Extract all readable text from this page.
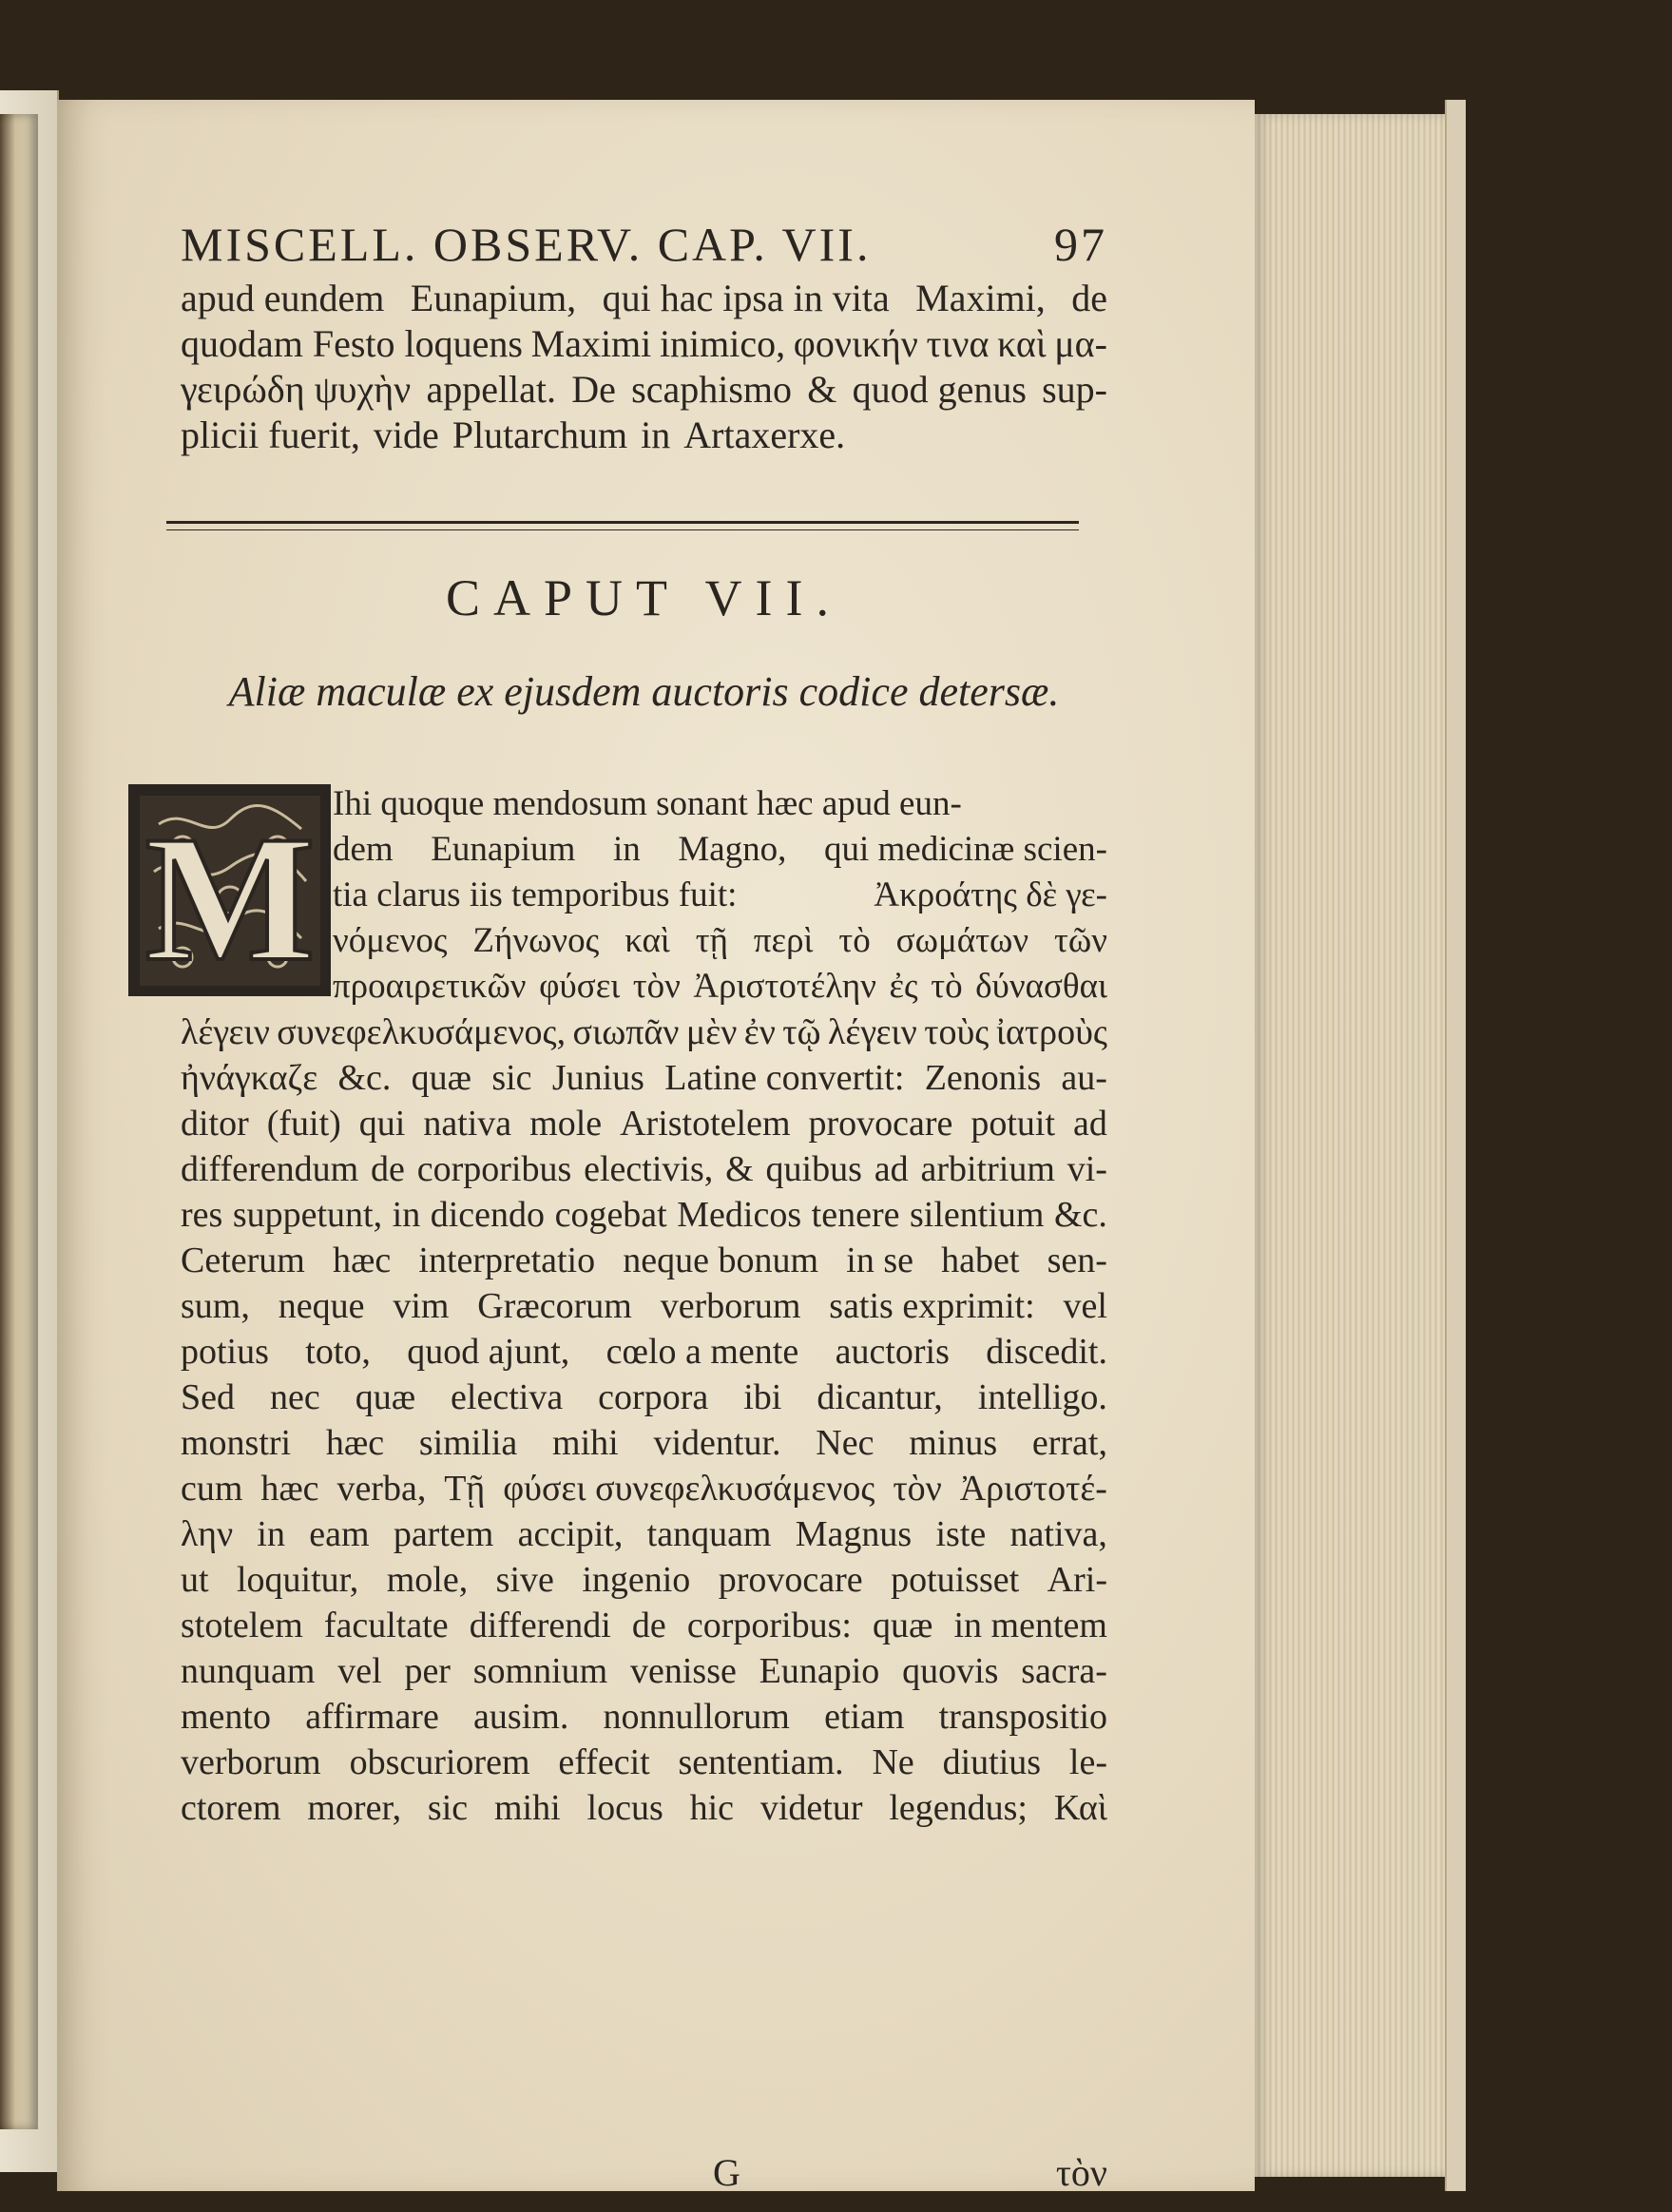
MISCELL. OBSERV. CAP. VII.	97
apud eundem Eunapium, qui hac ipsa in vita Maximi, de
quodam Festo loquens Maximi inimico, φονικήν τινα καὶ μα-
γειρώδη ψυχὴν appellat. De scaphismo & quod genus sup-
plicii fuerit, vide Plutarchum in Artaxerxe.
CAPUT VII.
Aliæ maculæ ex ejusdem auctoris codice detersæ.
M Ihi quoque mendosum sonant hæc apud eun-
dem Eunapium in Magno, qui medicinæ scien-
tia clarus iis temporibus fuit:	Ἀκροάτης δὲ γε-
νόμενος Ζήνωνος καὶ τῇ περὶ τὸ σωμάτων τῶν
προαιρετικῶν φύσει τὸν Ἀριστοτέλην ἐς τὸ δύνασθαι
λέγειν συνεφελκυσάμενος, σιωπᾶν μὲν ἐν τῷ λέγειν τοὺς ἰατροὺς
ἠνάγκαζε &c. quæ sic Junius Latine convertit: Zenonis au-
ditor (fuit) qui nativa mole Aristotelem provocare potuit ad
differendum de corporibus electivis, & quibus ad arbitrium vi-
res suppetunt, in dicendo cogebat Medicos tenere silentium &c.
Ceterum hæc interpretatio neque bonum in se habet sen-
sum, neque vim Græcorum verborum satis exprimit: vel
potius toto, quod ajunt, cœlo a mente auctoris discedit.
Sed nec quæ electiva corpora ibi dicantur, intelligo.
monstri hæc similia mihi videntur. Nec minus errat,
cum hæc verba, Τῇ φύσει συνεφελκυσάμενος τὸν Ἀριστοτέ-
λην in eam partem accipit, tanquam Magnus iste nativa,
ut loquitur, mole, sive ingenio provocare potuisset Ari-
stotelem facultate differendi de corporibus: quæ in mentem
nunquam vel per somnium venisse Eunapio quovis sacra-
mento affirmare ausim. nonnullorum etiam transpositio
verborum obscuriorem effecit sententiam. Ne diutius le-
ctorem morer, sic mihi locus hic videtur legendus; Καὶ
G	τὸν
